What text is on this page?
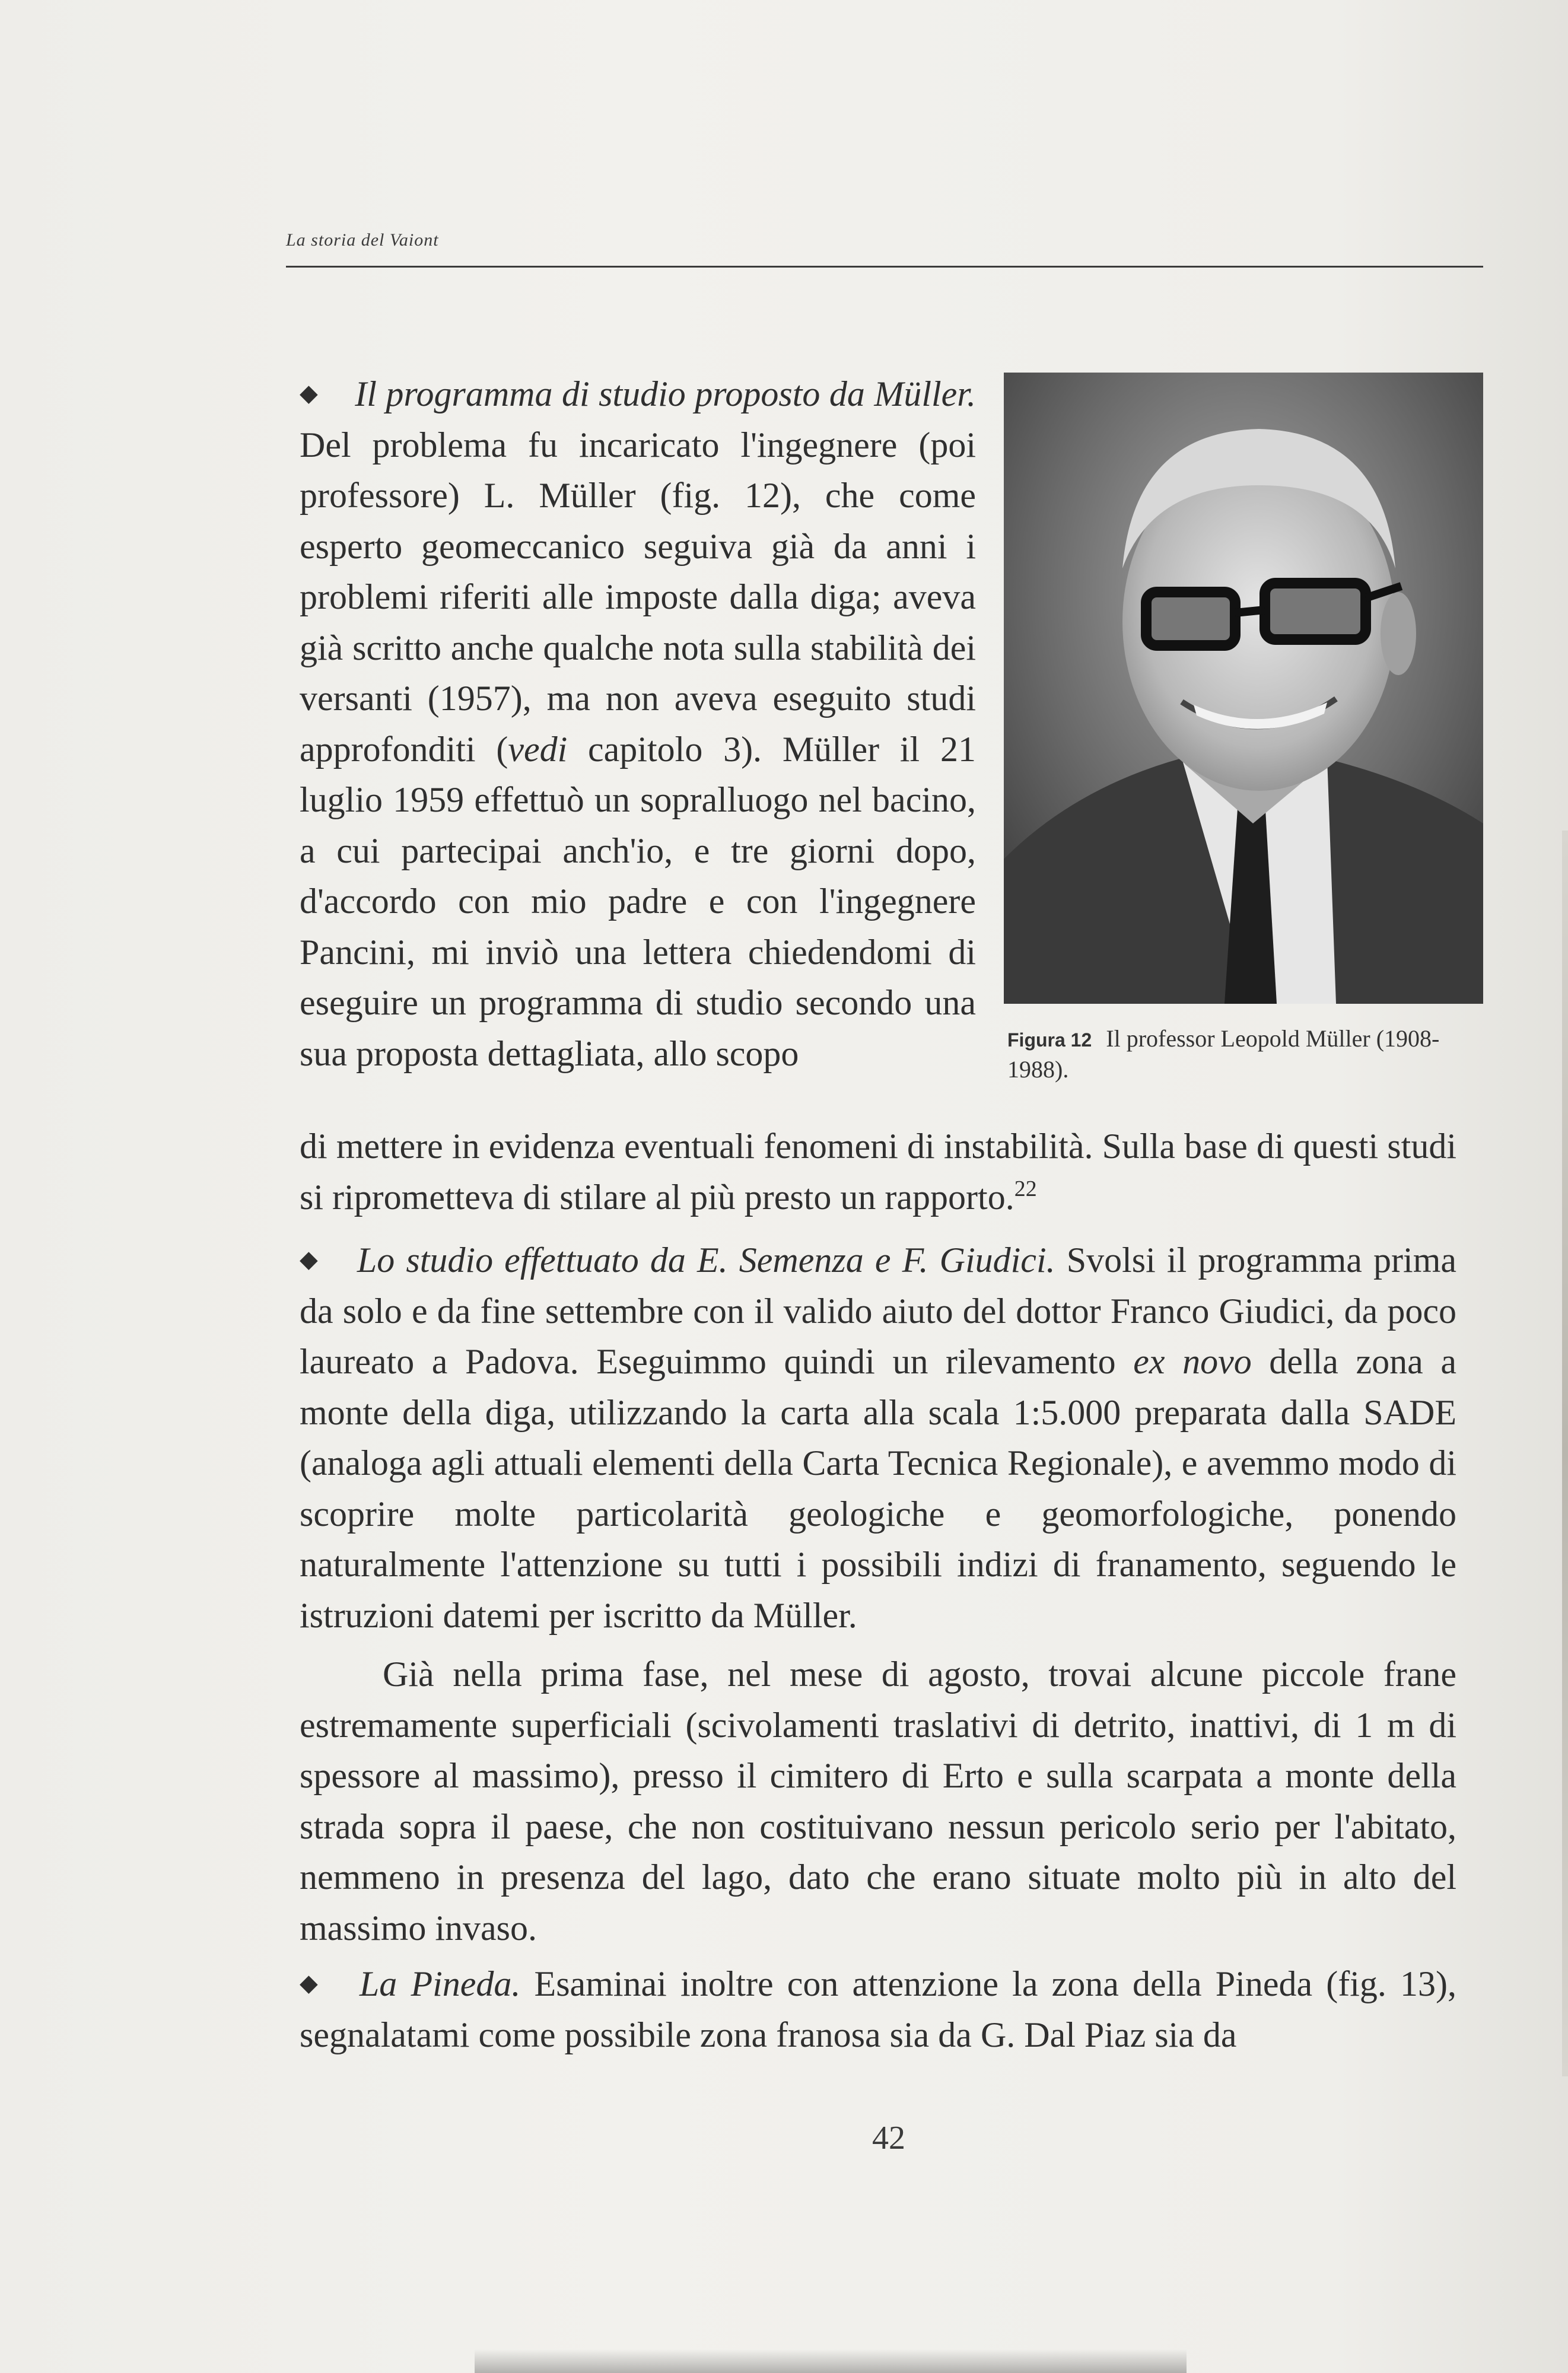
La storia del Vaiont
Figura 12 Il professor Leopold Müller (1908-1988).
◆ Il programma di studio proposto da Müller. Del problema fu incaricato l'ingegnere (poi professore) L. Müller (fig. 12), che come esperto geomeccanico seguiva già da anni i problemi riferiti alle imposte dalla diga; aveva già scritto anche qualche nota sulla stabilità dei versanti (1957), ma non aveva eseguito studi approfonditi (vedi capitolo 3). Müller il 21 luglio 1959 effettuò un sopralluogo nel bacino, a cui partecipai anch'io, e tre giorni dopo, d'accordo con mio padre e con l'ingegnere Pancini, mi inviò una lettera chiedendomi di eseguire un programma di studio secondo una sua proposta dettagliata, allo scopo
di mettere in evidenza eventuali fenomeni di instabilità. Sulla base di questi studi si riprometteva di stilare al più presto un rapporto.$^{22}$
◆ Lo studio effettuato da E. Semenza e F. Giudici. Svolsi il programma prima da solo e da fine settembre con il valido aiuto del dottor Franco Giudici, da poco laureato a Padova. Eseguimmo quindi un rilevamento ex novo della zona a monte della diga, utilizzando la carta alla scala 1:5.000 preparata dalla SADE (analoga agli attuali elementi della Carta Tecnica Regionale), e avemmo modo di scoprire molte particolarità geologiche e geomorfologiche, ponendo naturalmente l'attenzione su tutti i possibili indizi di franamento, seguendo le istruzioni datemi per iscritto da Müller.
Già nella prima fase, nel mese di agosto, trovai alcune piccole frane estremamente superficiali (scivolamenti traslativi di detrito, inattivi, di 1 m di spessore al massimo), presso il cimitero di Erto e sulla scarpata a monte della strada sopra il paese, che non costituivano nessun pericolo serio per l'abitato, nemmeno in presenza del lago, dato che erano situate molto più in alto del massimo invaso.
◆ La Pineda. Esaminai inoltre con attenzione la zona della Pineda (fig. 13), segnalatami come possibile zona franosa sia da G. Dal Piaz sia da
42
